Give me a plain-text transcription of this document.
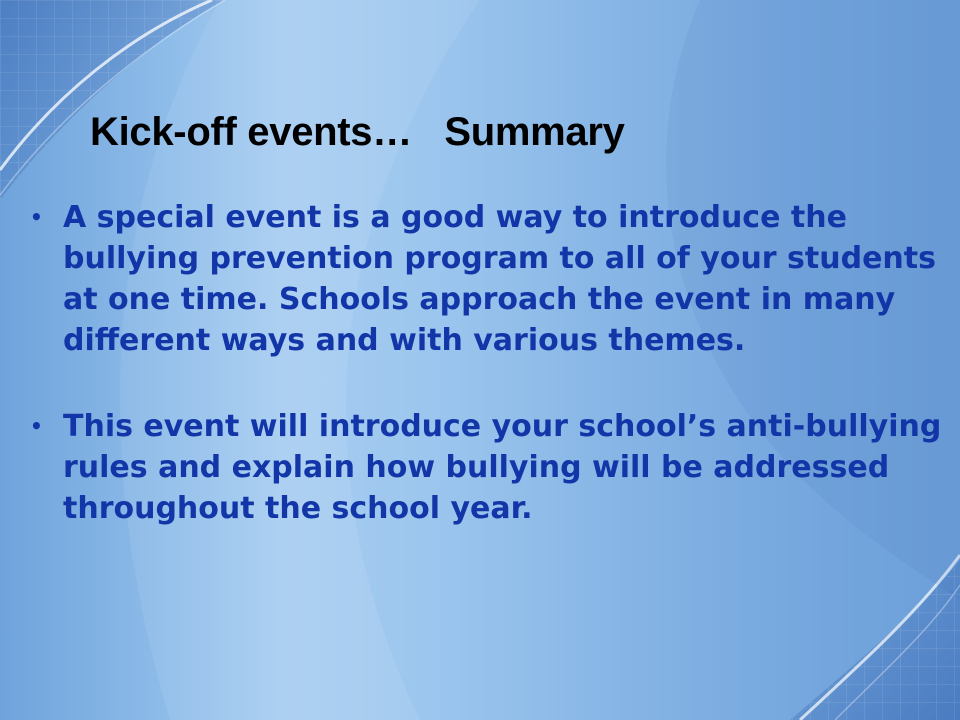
Kick-off events…   Summary
• A special event is a good way to introduce the bullying prevention program to all of your students at one time. Schools approach the event in many different ways and with various themes.
• This event will introduce your school’s anti-bullying rules and explain how bullying will be addressed throughout the school year.
